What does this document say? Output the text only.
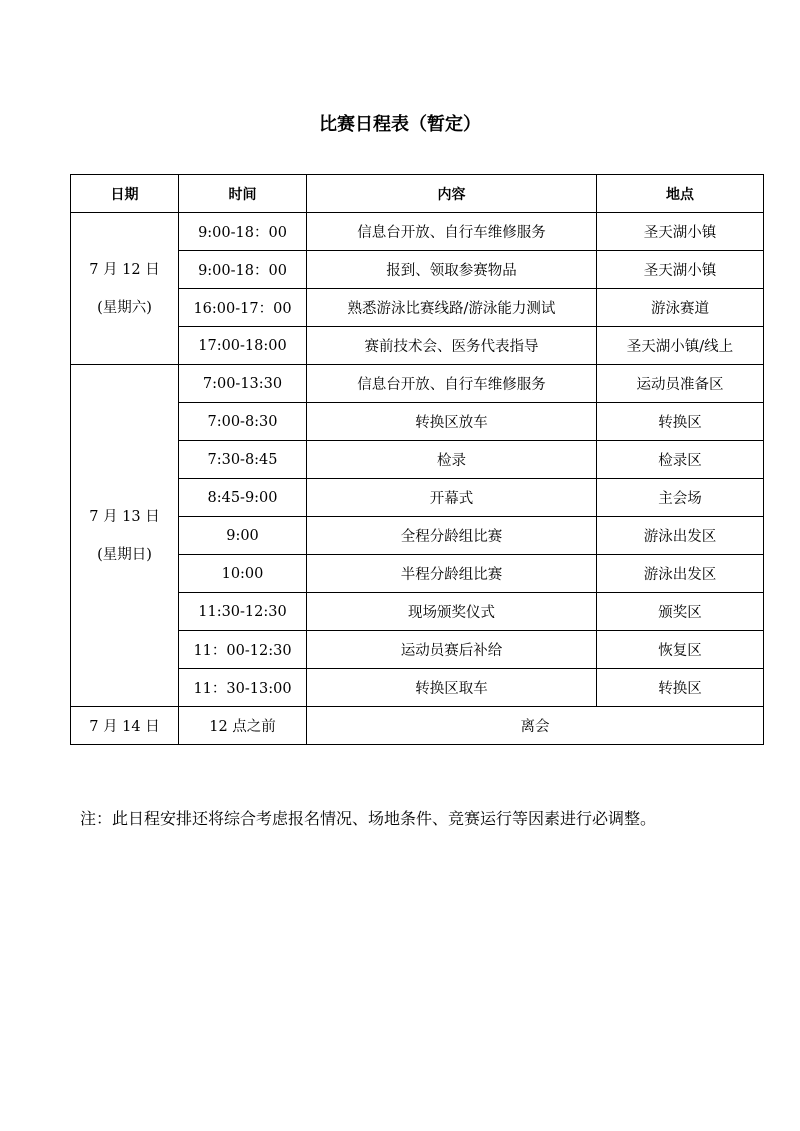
比赛日程表（暂定）
日期	时间	内容	地点

7 月 12 日
(星期六)	9:00-18：00	信息台开放、自行车维修服务	圣天湖小镇
	9:00-18：00	报到、领取参赛物品	圣天湖小镇
	16:00-17：00	熟悉游泳比赛线路/游泳能力测试	游泳赛道
	17:00-18:00	赛前技术会、医务代表指导	圣天湖小镇/线上

7 月 13 日
(星期日)	7:00-13:30	信息台开放、自行车维修服务	运动员准备区
	7:00-8:30	转换区放车	转换区
	7:30-8:45	检录	检录区
	8:45-9:00	开幕式	主会场
	9:00	全程分龄组比赛	游泳出发区
	10:00	半程分龄组比赛	游泳出发区
	11:30-12:30	现场颁奖仪式	颁奖区
	11：00-12:30	运动员赛后补给	恢复区
	11：30-13:00	转换区取车	转换区
7 月 14 日	12 点之前	离会	
注：此日程安排还将综合考虑报名情况、场地条件、竞赛运行等因素进行必调整。
